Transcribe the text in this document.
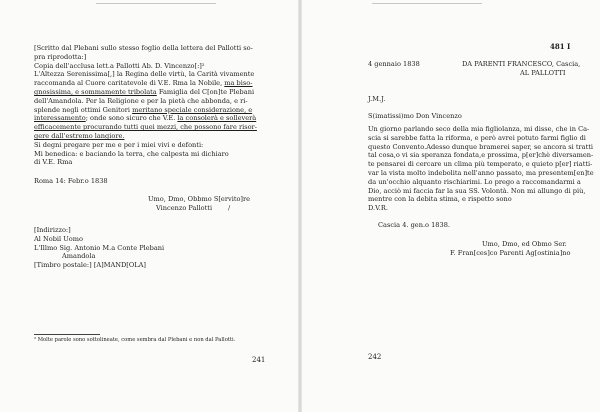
[Scritto dal Plebani sullo stesso foglio della lettera del Pallotti so-
pra riprodotta:]
Copia dell'acclusa lett.a Pallotti Ab. D. Vincenzo[:]²
L'Altezza Serenissima[,] la Regina delle virtù, la Carità vivamente
raccomanda al Cuore caritatevole di V.E. Rma la Nobile, ma biso-
gnosissima, e sommamente tribolata Famiglia del C[on]te Plebani
dell'Amandola. Per la Religione e per la pietà che abbonda, e ri-
splende negli ottimi Genitori meritano speciale considerazione, e
interessamento; onde sono sicuro che V.E. la consolerà e solleverà
efficacemente procurando tutti quei mezzi, che possono fare risor-
gere dall'estremo langiore.
Si degni pregare per me e per i miei vivi e defonti:
Mi benedica: e baciando la terra, che calpesta mi dichiaro
di V.E. Rma
Roma 14: Febr.o 1838
Umo, Dmo, Obbmo S[ervito]re
Vincenzo Pallotti /
[Indirizzo:]
Al Nobil Uomo
L'Illmo Sig. Antonio M.a Conte Plebani
Amandola
[Timbro postale:] [A]MAND[OLA]
² Molte parole sono sottolineate, come sembra dal Plebani e non dal Pallotti.
241
481 I
4 gennaio 1838	DA PARENTI FRANCESCO, Cascia,
AL PALLOTTI
J.M.J.
S(imatissi)mo Don Vincenzo
Un giorno parlando seco della mia figliolanza, mi disse, che in Ca-
scia si sarebbe fatta la riforma, e però avrei potuto farmi figlio di
questo Convento.Adesso dunque bramerei saper, se ancora si tratti
tal cosa,o vi sia speranza fondata,e prossima, p[er]chè diversamen-
te pensarei di cercare un clima più temperato, e quieto p[er] riatti-
var la vista molto indebolita nell'anno passato, ma presentem[en]te
da un'occhio alquanto rischiarimi. Lo prego a raccomandarmi a
Dio, acciò mi faccia far la sua SS. Volontà. Non mi allungo di più,
mentre con la debita stima, e rispetto sono
D.V.R.
Cascia 4. gen.o 1838.
Umo, Dmo, ed Obmo Ser.
F. Fran[ces]co Parenti Ag[ostinia]no
242
